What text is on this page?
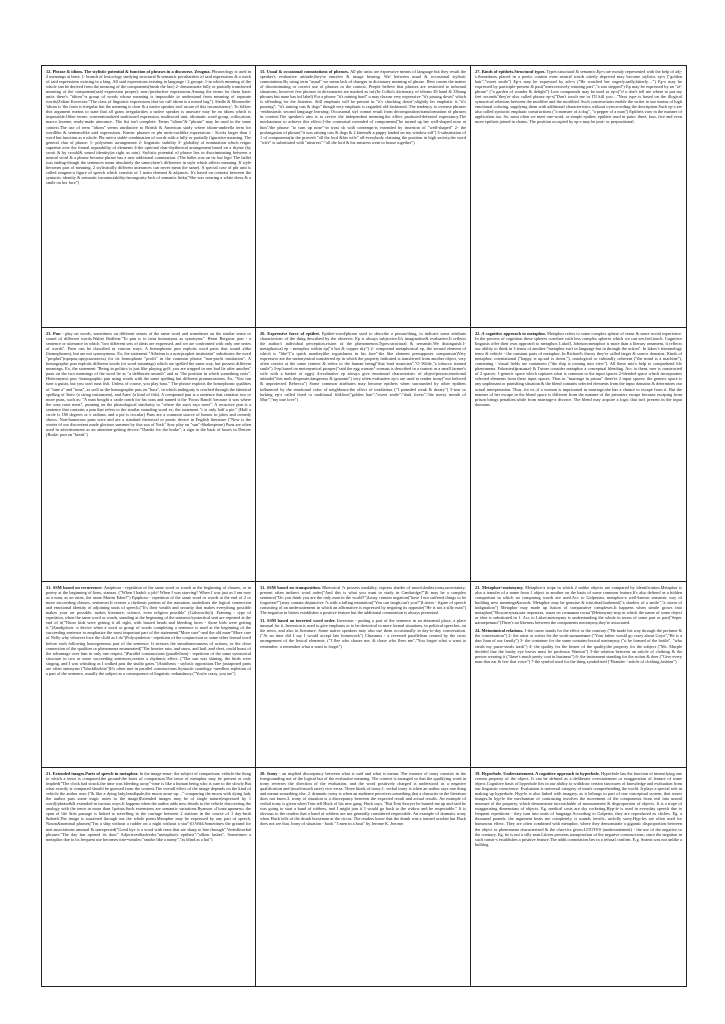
12. Phrase & idiom. The stylistic potential & function of phrases in a discourse. Zeugma. Phraseology is used in 2 meanings at least: 1- branch of lexicology studying structural & semantic peculiarities of said expressions & a stock of said expressions existing in a lang. All said expressions existing in language / 2 groups: 1-in which meaning of the whole can be derived from the meaning of the components(break the law) 2- demonstrate fully or partially transferred meaning of the component(said expression proper): non-/productive expressions.Among the terms for these basic units there's "idiom"-a group of words whose meaning is impossible to understand from meaning of separate words(Zoltan Kovecses:"The class of linguistic expressions that we call idiom is a mixed bag"). Siedle & Mcmordie: 'idiom is 'the form is irregular but the meaning is clear & a native speaker isn't aware of this inconsistency'. To follow this argument means to state that all gram irregularities a native speaker is unaware may be an idiom which is impossible.Other terms: conventionalized multiword expression, multiword unit, idiomatic word group, collocation, macro lexeme, ready-made utterance.. The list isn't complete: Terms "idiom"& "phrase" may be used in the same context.The use of term "idiom" seems attributive to British & American study where idiom-umbrella term for wordlike & sentencelike said expressions. Kunin: phrases or phr units-suchlike expressions - Kocks larger than 1 word but function as a whole. Phr unit-a stable combination of words with a fully or partially figurative meaning. The general char of phrase: 1- polysemic arrangement 2- linguistic stability 3- globality of nomination which reigns supreme over the formal separability of elements 4-the optional char-rhythmical arrangement based on a rhyme (by swoit & by crookl& sound identity(as right as rain). Stylistic potential of phrase lies in discriminating between a neutral word & a phrase because phrase has a new additional connotation. (The ballet was on its last legs/ The ballet was ending-though the sentences mean absolutely the same,there's difference in style which affects meaning. If style becomes part of meaning, 2 stylistically different utterances can never mean the same). A special case of phr unit is called zeugma-a figure of speech which consists of 1 main element & adjuncts. It's based on contrast between the syntactic identity & semantic incontactability/incongruity-lack of semantic links("She was wearing a white dress & a smile on her face")

15. Usual & occasional connotations of phrases. All phr units are expressive means of language but they result the speaker's evaluative attitude,they're emotive & image bearing. We/ between usual & occasional stylistic connotations.By using term "usual" we mean lack of changes in dictionary meaning of phrase. Here comes the matter of discriminating or correct use of phrases in the context. People believe that phrases are restricted to informal situations, however few phrases in dictionaries are marked as inf.(In Collin's dictionary of idioms 49 hand & 33hang phrases but none has inf label) For a phrase "it's raining hard" u may choose very expressive "it's pissing down" which is offending for the listeners. Still emphasis will be present in "it's chucking down";slightly les emphatic is "it's pouring"; "it's raining cats & dogs" though very emphatic is regarded old-fashioned. The tendency to overuse phrases -enthusiastic second language learning: Occasional styl connot result from decomposition/transformation of phrases in context.The speaker's aim is to revive the independent meaning.the effect produced-defeated expectancy.The mechanisms to achieve this effect:1-the contextual extended of components("he turned up her well-shaped nose at him"/the phrase "to turn up nose"-to treat sb with contempt-is extended by insertion of "well-shaped" 2- the prolongation of phrase("it was raining cats & dogs & 2 kittens& a puppy landed on my window-sill") 3-substitution of 1 of components(in the proverb "all the lord &his wife" all-everybody claiming the position in high society,the word "wife" is substituted with "mistress"-"all the lord & his mistress went to house together")

27. Kinds of epithets.Structural types. Types:structural & semantic.Ep-s are mostly represented with the help of adj-s.Sometimes placed in a poetic context even neutral words utterly deprived may become stylistic ep-s ("golden hair","sweet smile") Ep-s may be expressed by adv-s ("He watched her eagerly,sadly,bitterly…") Ep-s may be expressed by participle-present & past("unexcessively winning part","a star stepped") Ep may be expressed by an "of-phrase" ("a garden of wonder & delight") Lose compounds may be used as ep-s("if u don't tell me where to put my feet seconds"they're also called phrase ep-s("Don't touch me or I'll kill you…"Next type is based on the illogical syntactical relations between the modifier and the modified. Such constructions enable the writer to use means of high emotional coloring, supplying them with additional characteristics without overcrowding the description.Such ep-s are also called syntactic emphatic constructions ("a monster of a dog", "a pepper of a man") Epithets vary in the manner of application too. So, most often we meet one-word, or simple epithet; epithets used in pairs: three, four, five and even more epithets joined in chains. The position occupied by ep-s may be post- or prepositional.

23. Pun - play on words, sometimes on different senses of the same word and sometimes on the similar sense or sound of different words.Walter Redfern:"To pun is to treat homonyms as synonyms". Henri Bergson: pun - a sentence or utterance in which "two different sets of ideas are expressed, and we are confronted with only one series of words". Puns can be classified in various ways. A homophonic pun exploits word pairs that sound alike (homophones), but are not synonymous. Ex, the statement "Atheism is a non-prophet institution" substitutes the word "prophet"(пророк,предсказатель) for its homophone "profit" in the common phrase "non-profit institution". A homographic pun exploits different words (or word meanings) which are spelled the same way, but possess different meanings. Ex, the statement "Being in politics is just like playing golf: you are trapped in one bad lie after another" puns on the two meanings of the word lie as "a deliberate untruth" and as "the position in which something rests". Heteronymic pun -homographic pun using words with the same spelling but different pronunciations. Ex, "You can tune a guitar, but you can't tuna fish. Unless of course, you play bass." The phrase exploits the homophonic qualities of "tune a" and "tuna", as well as the homographic pun on "bass", in which ambiguity is reached through the identical spelling of /beis/ (a string instrument), and /bæs/ (a kind of fish). A compound pun is a sentence that contains two or more puns, such as: "A man bought a cattle ranch for his sons and named it the 'Focus Ranch' because it was where the sons raise meat", punning on the phonological similarity to "where the sun's rays meet". A recursive pun is a sentence that contains a pun that refers to the similar sounding word ex, the statement "r is only half a pie." (Half a circle is 180 degrees or π radians, and a pie is circular) Puns are a common source of humor in jokes and comedy shows. Non-humorous puns were and are a standard rhetorical or poetic device in English literature ("Now is the winter of our discontent made glorious summer by this son of York" Son: play on "sun"-Shakespeare) Puns are often used in advertisement as an attention-getting device:"Thanks for the brake", a sign in the back of buses in Denver (Brake: pun on "break")

26. Expressive force of epithet. Epithet-word/phrase used to describe a person/thing, to indicate some attribute characteristic of the thing described by the observer. Ep is always subjective.It's imaginative& evaluative.It reflects the author's individual perception,vision of the phenomenon.Types:structural & semantic.We distinguish:1- metaphorical ep - metaphor within ep("a hot & copper sky") 2- compound metaphorical ep, the second element of which is "like"("a quick monkeylike roguishness in his face"-the like element presupposes comparison)Very expressive are the metonymical transferred ep in which the property indicated is transferred from another object, very often coexist at the same context & refers to the human being("that loud musician","O Wilde,"a tobacco stained smile") 3-ep based on metonymical prosper("said the egg woman"-woman is described in a context as a small farmer's wife with a basket of eggs) 4-evaluative ep always give emotional characteristic of object/person,emotional attitude("this mob desperate,dangerous & ignorant") very often evaluative ep-s are used to render irony("our beloved & unprotected Rebecca") Some common attributes may become epithets when surrounded by other epithets influenced by the emotional color of neighbours-the effect of irradiation ("I pounded weak & dreary") 5-true or lurking ep-s called fixed or traditional folklore("golden hair";"sweet smile";"dark forest";"the merry month of May";"my true love")

22. A cognitive approach to metaphor. Metaphor refers to some complex sphere of sense & some social experience. In the process of cognition these spheres correlate with less complex spheres which we can see,feel,touch. Cognitive linguists offer their own approach to metaphor. Lakoff, Johnson:metaphor is more than a literary ornament, it reflects our ability to think in 3 terms of another-"metaphor isn't in language but in through the action". In lakov's terminology tenor & vehicle - the constant parts of metaphor. In Richard's theory they're called target & source domains. Kinds of metaphor: orientational ("happy is up.sad is down."), ontological or culturally coherent ("the mind is a machine"), containing - visual fields are containers ("the ship is coming into view"). All these mtx's help to comprehend life phenomena. Fokonier(фоконье) & Turner consider metaphor a conceptual blending. Acc to them, mer is constructed of 2 spaces: 1-generic space which captures what is common to the input spaces 2-blended space which incorporates selected elements from these input spaces. Thus in "marriage in prison" there're 2 input spaces: the generic space is any unpleasant or punishing situation & the blend contains selected elements from the input domains & determines our actual interpretation. Thus, for ex.,if a woman is imprisoned in marriage,she has a chance to escape from it. But the manner of her escape in the blend space is different from the manner of the prisoners escape because escaping from prison brings penalties,while from marriage-a divorce. The blend may acquire a logic that isn't present in the input domains.

31. SSM based on recurrence: Anaphora - repetition of the same word or words at the beginning of clauses, or in poetry at the beginning of lines, stanzas. ("When I hadn't a job? When I was starving? When I was just as I am now as a man, as an artist, the same Martin Eden?") Epiphora - repetition of the same word or words at the end of 2 or more succeeding clauses, sentences.It creates a rhythmic pattern of the narration, underlines the logical connection and emotional identity of adjoining units of speech.("It's their wealth and security that makes everything possible makes your art possible, makes literature, science, even religion possible" (Galsworthy)). Framing - type of repetition, when the same word or words, standing at the beginning of the sentence/syntactical unit are repeated at the end of it("Those kids were getting it all right, with busted heads and bleeding faces - those kids were getting it.")Anadiplosis -a device when a word or group of words completing a sentence is used at the beginning of the succeeding sentence to emphasize the most important part of the statement("More care"-and the old man-"More care of Nelly why whoever love the child as I do")Polysyndeton - repetition of the conjunction or some other formal word before each following homogeneous part of the sentence. It stresses the simultaneousness of actions, or the close connection of the qualities or phenomena enumerated("The heavier rain, and snow, and hail, and sleet, could boast of the advantage over him in only one respect.")Parallel constructions (parallelism) - repetition of the same syntactical structure in two or more succeeding sentences,creates a rhythmic effect. ("The sun was shining, the birds were singing, and I was whistling as I walked past the studio gates.")Antithesis - stylistic opposition.The juxtaposed parts are often antonyms ("black&white")It's often met in parallel constructions.Syntactic tautology -needless repletion of a part of the sentence, usually the subject as a consequence of linguistic redundancy.("You're crazy, you are")

31. SSM based on transposition. Rhetorical ?s possess modality, express shades of mood,doubts,irony,uncertainty; present often indirect word order("And this is what you want to study in Cambridge?")It may be a complex sentence("Do you think you are the only man in the world?")Lmay contain negation("have I not suffered things to be forgotten?"),may contain disjunctive ?s with a falling intonation("You can laugh,can't you?")Litotes - figure of speech consisting of an understatement in which an affirmative is expressed by negating its opposite("He is not a silly man") The negation in litotes establishes a positive feature but the additional connotation is always presented.

31. SSM based on inverted word order. Inversion - putting a part of the sentence in an abnormal place, a place unusual for it. Inversion is used to give emphasis or to be rhetorical in more formal situations, in political speeches, on the news, and also in literature. Some native speakers may also use them occasionally in day-to-day conversation. ("At no time did I say I would accept late homework") Chiasmus - a reversed parallelism created by the cross arrangement of the lexical elements. ("I flee who chases me, & chase who flees me","You forget what u want to remember, u remember what u want to forget")

23. Metaphor+metonymy. Metaphor-a trope in which 2 unlike objects are compared by identification.Metaphor is also a transfer of a name from 1 object to another on the basis of some common feature.It's also defined as a hidden comparison in which no comparing words are used.Acc to Galperian, metaphor-a well-known semantic way of building new meanings&words. Metaphor may be genuine & trite,dead,harkened("a shadow of a smile","a storm of indignation") Metaphor may made up fusion of comparative complexes.It happens when simile grows into metaphor("Slow,везучая,как черепаха, плыл из сознания тоска")Metonymy-trop in which the name of some object or idea is substituted in 1. Acc to Lakov,metonymy is understanding the whole in terms of some part or part("берег насмерешки")There's no likeness between the components metonymy,they're associated.

24. Metonimical relations. 1-the cause stands for the effect or the contrary ("He made his way through the perfume & the conversation") 2- the artist or writer for the work-назначение ("Your father would go crazy about Goya","He is a dun Juan of our family") 3- the container for the same contains-lexical metonymy ("u be formed of the bottle", "who steals my purse-steals trash") 4- the quality for the bearer of the quality,the property for the subject ("Ms. Murple decided that the busby eye brows must be professor Wanton") 5-the relation between an article of clothing & the person wearing it ("there's much pretty coat in business") 6- the instrument standing for the action & doer ("Give every man thar ear & few that voice") 7-the symbol used for the thing symbolized ("Brander - article of clothing,fashion")

21. Extended images.Parts of speech in metaphor. In the image:tenor- the subject of comparison; vehicle-the thing to which a tenor is compared,the ground-the basis of comparison.The tenor of metaphor may be present or only implied("The clock had struck,the time was bleeding away"-time is like a human being who is sure to die slowly.But what exactly is compared should be guessed from the context.The overall effect of the image depends on the kind of vehicle the author uses ("& like a dying lady,lean&pale,the moon arose up…"-comparing the moon with dying lady the author puts some tragic notes to the image)Extended images may be of single nature(expressed by 1 word)/phrase&& extended in various ways.It happens when the author adds new details to the vehicle discovering the analogy with the tenor in more than 1points.Such extensions are semantic variations.Ryanson «Голая кровать» the span of life &its passage is linked to travelling in the carriage between 2 stations in the course of 1 day-birth &death.The image is sustained through out the whole poem.Metaphor may be expressed by any part of speech. Nouns&nominal phrases("I'm a ship without a rudder on a night without a star")O.Wild.Sometimes the ground for met.associations unusual & unexpected("Good bye is a word with tears that are sharp to bite through" Verbs&verbal phrases:"The day has opened its door" Adjectives&adverbs:"metaphoric epithets":"silken lashes". Sometimes a metaphor due to its frequent use becomes trite=similes:"smoke like a tunny","as blind as a bat")

20. Irony - an implied discrepancy between what is said and what is meant. The essence of irony consists in the foregrounding not of the logical but of the evaluative meaning. The context is arranged so that the qualifying word in irony reverses the direction of the evaluation, and the word positively charged is understood as a negative qualification and (much-much rarer) vice versa. Three kinds of irony:1. verbal irony is when an author says one thing and means something else. 2. dramatic irony is when an audience perceives something that a character in the literature does not know.3. irony of situation is a discrepancy between the expected result and actual results. An example of verbal irony is given when Tom tell Huck of his new gang. Huck says, "But Tom Sawyer he hunted me up and said he was going to start a band of robbers, and I might join if I would go back to the widow and be respectable." It is obvious to the readers that a band of robbers are not generally considered respectable. An example of dramatic irony when Huck tells of the drunk horseman at the circus. The readers know that the drunk was a trained acrobat but Huck does not see that. Irony of situation - book "3 men in a boat" by Jerome K. Jerome.

19. Hyperbole. Understatement. A cognitive approach to hyperbole. Hyperbole has the function of intensifying one certain property of the object. It can be defined as a deliberate overstatement or exaggeration of feature of some object.Cognitive basis of hyperbole lies in our ability to withdraw certain structures of knowledge and evaluation from our linguistic conscience. Evaluation is universal category of man's comprehending the world. It plays a special role in making up hyperbole. Hyp-le is also linked with imagery, as it belongs to part of one conceptual system, that stores images.In hyp-le the mechanism of contrasting involves the movement of the components from real into unreal measure of the property, which demonstrate incroachable of measurement & disproportion of objects. It is a trope of exaggerating dimensions of objects. Eg. medical costs are sky rocketing.Hyp-le is used in everyday speech due to frequent repetitions - they turn into units of language.According to Galperin, they are reproduced as cliches. Eg. a thousand pounds, the argument beats me completely, it sounds terrific, awfully sorry.Hyp-les are often used for humorous effect. They are often combined with metaphor, where they demonstrate a gigantic disproportion between the object or phenomena characterized & the char-tics given.LITOTES (understatement) - the use of the negative or the contrary. Eg. he is not a silly man.Litotes presents transposition of the negative constructions, since the negation in such constr-s establishes a positive feature.The addit.connotation lies in a refusal confirm. E.g. Soams was not unlike a bulldog.
